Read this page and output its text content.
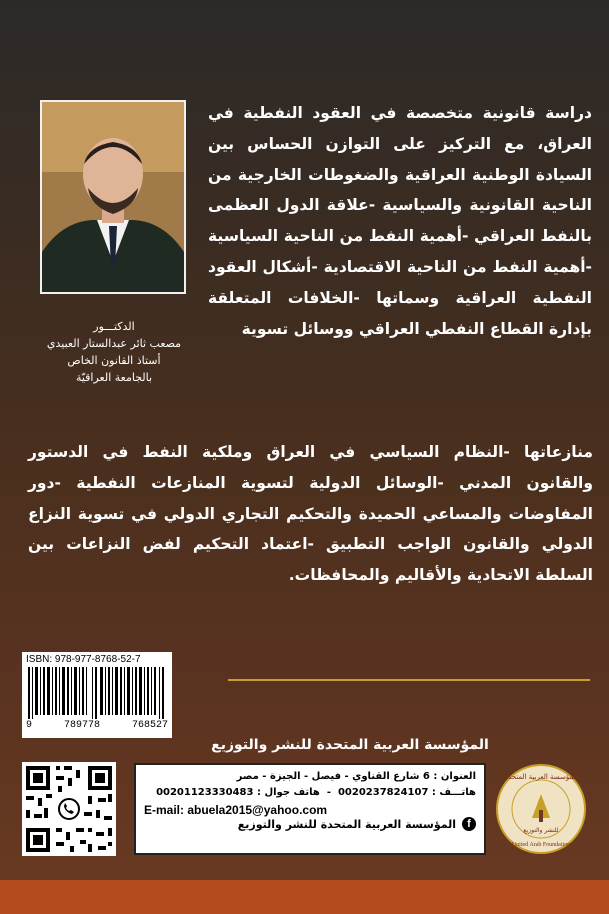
الدكتـــور
مصعب ثائر عبدالستار العبيدي
أستاذ القانون الخاص
بالجامعة العراقيّة
دراسة قانونية متخصصة في العقود النفطية في العراق، مع التركيز على التوازن الحساس بين السيادة الوطنية العراقية والضغوطات الخارجية من الناحية القانونية والسياسية -علاقة الدول العظمى بالنفط العراقي -أهمية النفط من الناحية السياسية -أهمية النفط من الناحية الاقتصادية -أشكال العقود النفطية العراقية وسماتها -الخلافات المتعلقة بإدارة القطاع النفطي العراقي ووسائل تسوية
منازعاتها -النظام السياسي في العراق وملكية النفط في الدستور والقانون المدني -الوسائل الدولية لتسوية المنازعات النفطية -دور المفاوضات والمساعي الحميدة والتحكيم التجاري الدولي في تسوية النزاع الدولي والقانون الواجب التطبيق -اعتماد التحكيم لفض النزاعات بين السلطة الاتحادية والأقاليم والمحافظات.
ISBN: 978-977-8768-52-7
9	789778	768527
المؤسسة العربية المتحدة للنشر والتوزيع
العنوان : 6 شارع القناوي - فيصل - الجيزة - مصر
هاتـــف : 0020237824107  -  هاتف جوال : 00201123330483
E-mail: abuela2015@yahoo.com
f
المؤسسة العربية المتحدة للنشر والتوزيع
المؤسسة العربية المتحدة
للنشر والتوزيع
United Arab Foundation
